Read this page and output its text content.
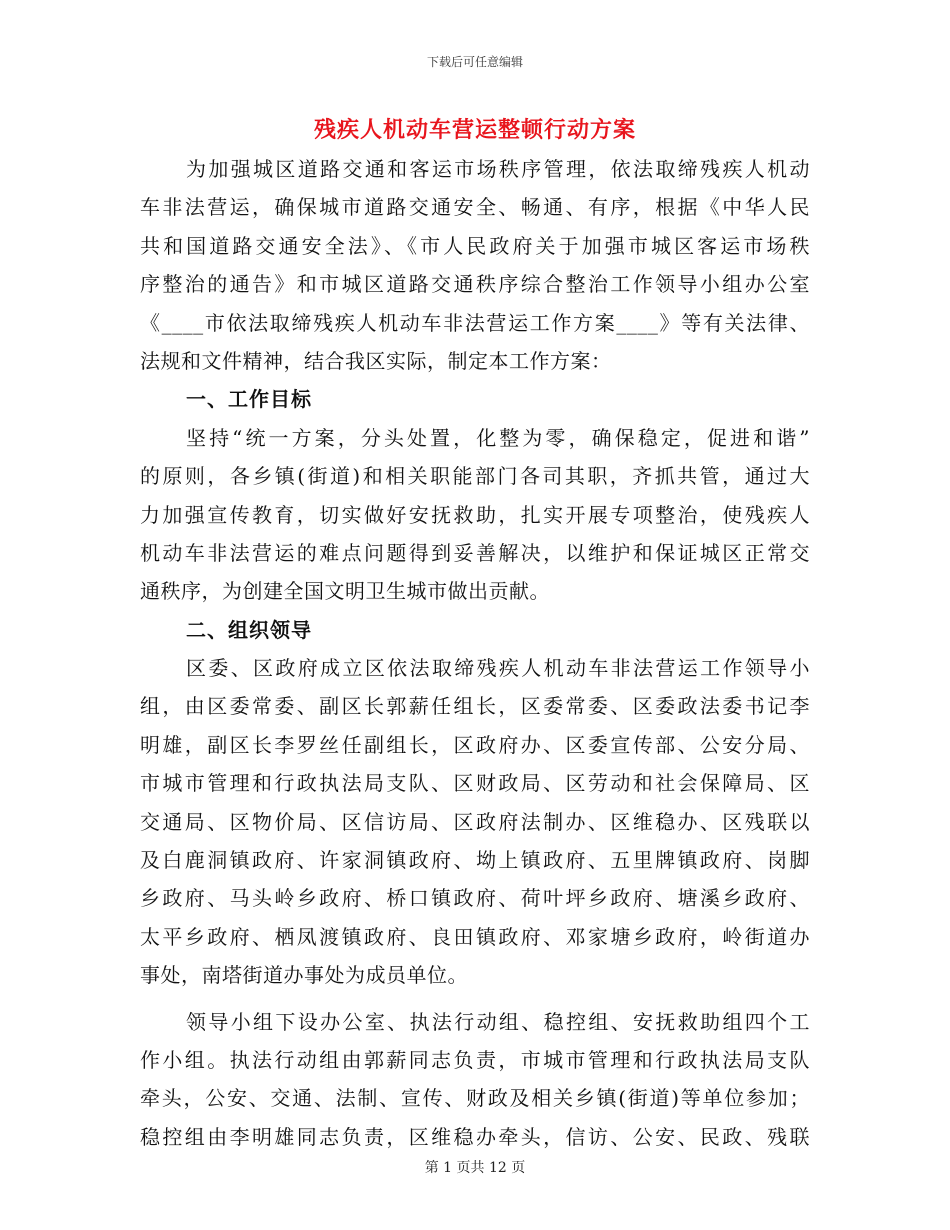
下载后可任意编辑
残疾人机动车营运整顿行动方案
为加强城区道路交通和客运市场秩序管理，依法取缔残疾人机动
车非法营运，确保城市道路交通安全、畅通、有序，根据《中华人民
共和国道路交通安全法》、《市人民政府关于加强市城区客运市场秩
序整治的通告》和市城区道路交通秩序综合整治工作领导小组办公室
《____市依法取缔残疾人机动车非法营运工作方案____》等有关法律、
法规和文件精神，结合我区实际，制定本工作方案：
一、工作目标
坚持“统一方案，分头处置，化整为零，确保稳定，促进和谐”
的原则，各乡镇(街道)和相关职能部门各司其职，齐抓共管，通过大
力加强宣传教育，切实做好安抚救助，扎实开展专项整治，使残疾人
机动车非法营运的难点问题得到妥善解决，以维护和保证城区正常交
通秩序，为创建全国文明卫生城市做出贡献。
二、组织领导
区委、区政府成立区依法取缔残疾人机动车非法营运工作领导小
组，由区委常委、副区长郭薪任组长，区委常委、区委政法委书记李
明雄，副区长李罗丝任副组长，区政府办、区委宣传部、公安分局、
市城市管理和行政执法局支队、区财政局、区劳动和社会保障局、区
交通局、区物价局、区信访局、区政府法制办、区维稳办、区残联以
及白鹿洞镇政府、许家洞镇政府、坳上镇政府、五里牌镇政府、岗脚
乡政府、马头岭乡政府、桥口镇政府、荷叶坪乡政府、塘溪乡政府、
太平乡政府、栖凤渡镇政府、良田镇政府、邓家塘乡政府，岭街道办
事处，南塔街道办事处为成员单位。
领导小组下设办公室、执法行动组、稳控组、安抚救助组四个工
作小组。执法行动组由郭薪同志负责，市城市管理和行政执法局支队
牵头，公安、交通、法制、宣传、财政及相关乡镇(街道)等单位参加；
稳控组由李明雄同志负责，区维稳办牵头，信访、公安、民政、残联
第 1 页共 12 页
